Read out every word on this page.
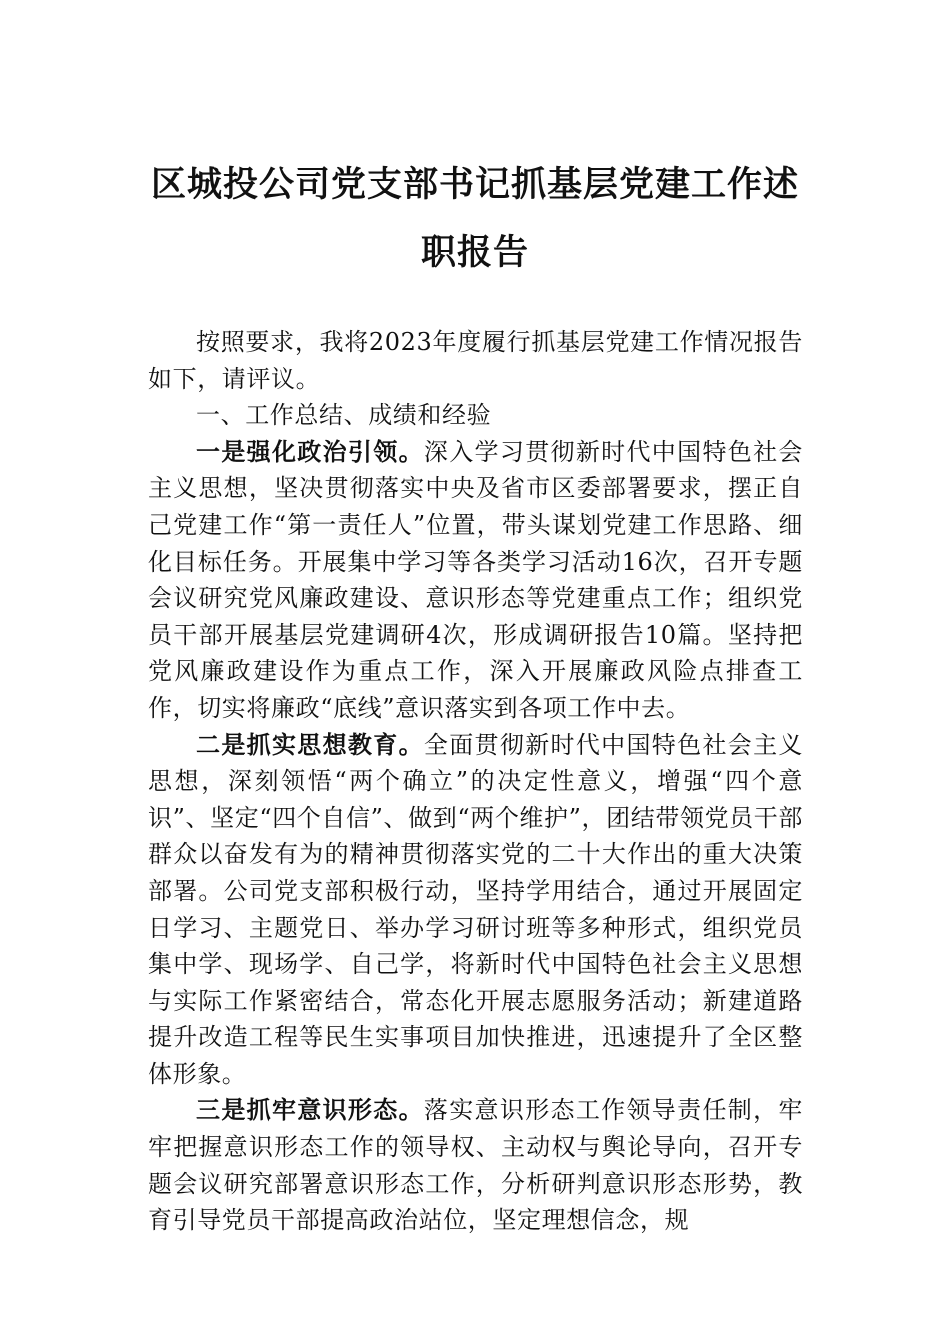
区城投公司党支部书记抓基层党建工作述
职报告

按照要求，我将2023年度履行抓基层党建工作情况报告如下，请评议。

一、工作总结、成绩和经验

一是强化政治引领。深入学习贯彻新时代中国特色社会主义思想，坚决贯彻落实中央及省市区委部署要求，摆正自己党建工作“第一责任人”位置，带头谋划党建工作思路、细化目标任务。开展集中学习等各类学习活动16次，召开专题会议研究党风廉政建设、意识形态等党建重点工作；组织党员干部开展基层党建调研4次，形成调研报告10篇。坚持把党风廉政建设作为重点工作，深入开展廉政风险点排查工作，切实将廉政“底线”意识落实到各项工作中去。

二是抓实思想教育。全面贯彻新时代中国特色社会主义思想，深刻领悟“两个确立”的决定性意义，增强“四个意识”、坚定“四个自信”、做到“两个维护”，团结带领党员干部群众以奋发有为的精神贯彻落实党的二十大作出的重大决策部署。公司党支部积极行动，坚持学用结合，通过开展固定日学习、主题党日、举办学习研讨班等多种形式，组织党员集中学、现场学、自己学，将新时代中国特色社会主义思想与实际工作紧密结合，常态化开展志愿服务活动；新建道路提升改造工程等民生实事项目加快推进，迅速提升了全区整体形象。

三是抓牢意识形态。落实意识形态工作领导责任制，牢牢把握意识形态工作的领导权、主动权与舆论导向，召开专题会议研究部署意识形态工作，分析研判意识形态形势，教育引导党员干部提高政治站位，坚定理想信念，规
